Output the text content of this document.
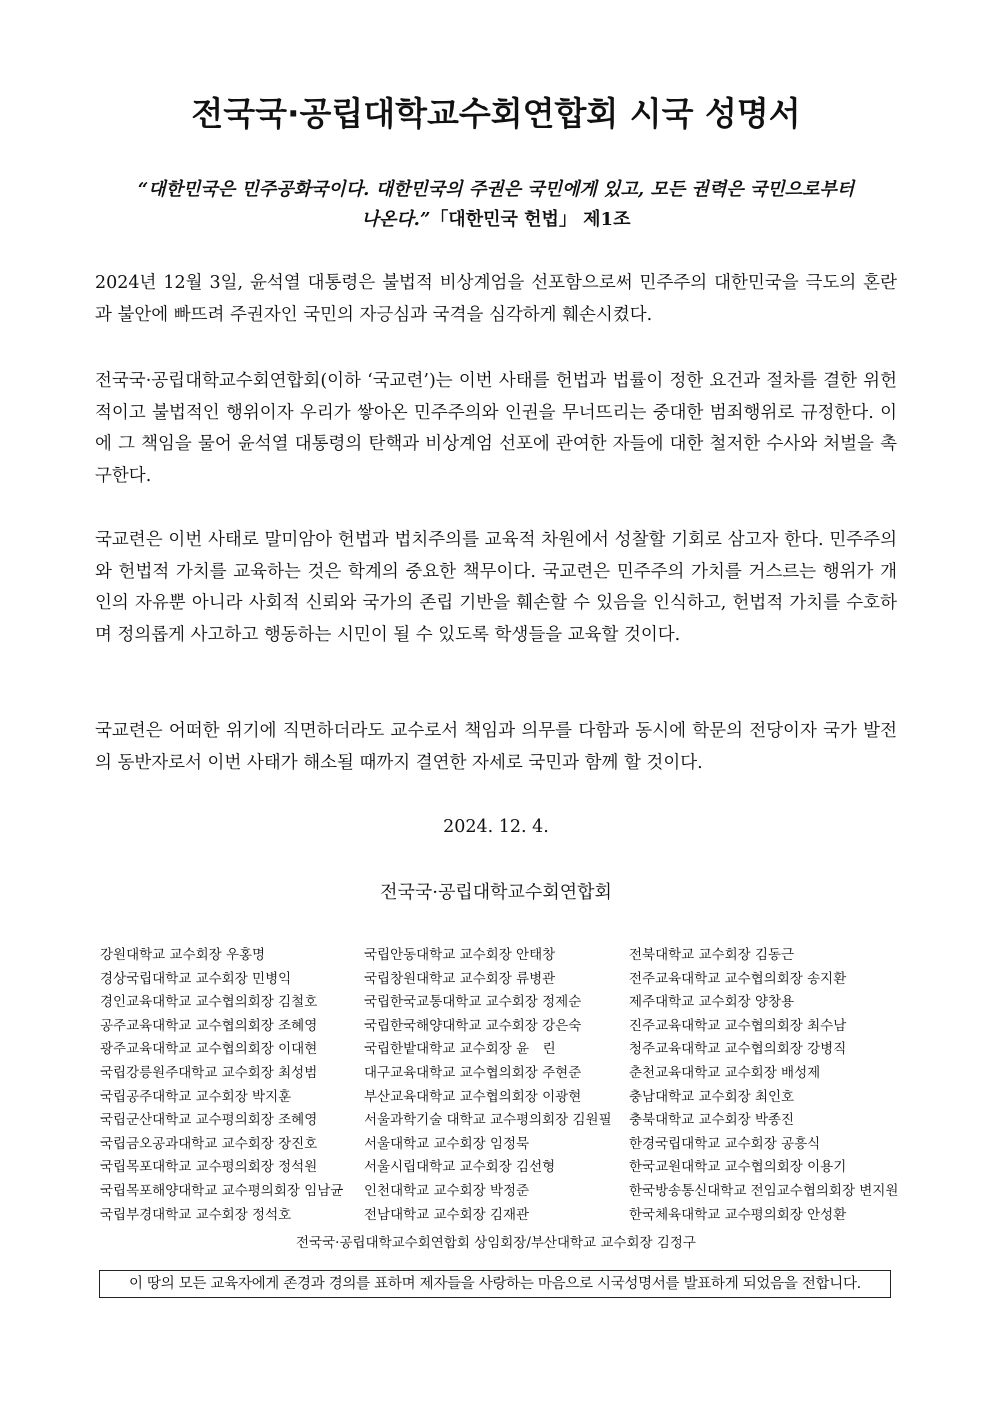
전국국·공립대학교수회연합회 시국 성명서
“대한민국은 민주공화국이다. 대한민국의 주권은 국민에게 있고, 모든 권력은 국민으로부터
나온다.”「대한민국 헌법」 제1조

2024년 12월 3일, 윤석열 대통령은 불법적 비상계엄을 선포함으로써 민주주의 대한민국을 극도의 혼란과 불안에 빠뜨려 주권자인 국민의 자긍심과 국격을 심각하게 훼손시켰다.

전국국·공립대학교수회연합회(이하 ‘국교련’)는 이번 사태를 헌법과 법률이 정한 요건과 절차를 결한 위헌적이고 불법적인 행위이자 우리가 쌓아온 민주주의와 인권을 무너뜨리는 중대한 범죄행위로 규정한다. 이에 그 책임을 물어 윤석열 대통령의 탄핵과 비상계엄 선포에 관여한 자들에 대한 철저한 수사와 처벌을 촉구한다.

국교련은 이번 사태로 말미암아 헌법과 법치주의를 교육적 차원에서 성찰할 기회로 삼고자 한다. 민주주의와 헌법적 가치를 교육하는 것은 학계의 중요한 책무이다. 국교련은 민주주의 가치를 거스르는 행위가 개인의 자유뿐 아니라 사회적 신뢰와 국가의 존립 기반을 훼손할 수 있음을 인식하고, 헌법적 가치를 수호하며 정의롭게 사고하고 행동하는 시민이 될 수 있도록 학생들을 교육할 것이다.

국교련은 어떠한 위기에 직면하더라도 교수로서 책임과 의무를 다함과 동시에 학문의 전당이자 국가 발전의 동반자로서 이번 사태가 해소될 때까지 결연한 자세로 국민과 함께 할 것이다.

2024. 12. 4.
전국국·공립대학교수회연합회
강원대학교 교수회장 우홍명
경상국립대학교 교수회장 민병익
경인교육대학교 교수협의회장 김철호
공주교육대학교 교수협의회장 조혜영
광주교육대학교 교수협의회장 이대현
국립강릉원주대학교 교수회장 최성범
국립공주대학교 교수회장 박지훈
국립군산대학교 교수평의회장 조혜영
국립금오공과대학교 교수회장 장진호
국립목포대학교 교수평의회장 정석원
국립목포해양대학교 교수평의회장 임남균
국립부경대학교 교수회장 정석호
국립안동대학교 교수회장 안태창
국립창원대학교 교수회장 류병관
국립한국교통대학교 교수회장 정제순
국립한국해양대학교 교수회장 강은숙
국립한밭대학교 교수회장 윤　린
대구교육대학교 교수협의회장 주현준
부산교육대학교 교수협의회장 이광현
서울과학기술 대학교 교수평의회장 김원필
서울대학교 교수회장 임정묵
서울시립대학교 교수회장 김선형
인천대학교 교수회장 박정준
전남대학교 교수회장 김재관
전북대학교 교수회장 김동근
전주교육대학교 교수협의회장 송지환
제주대학교 교수회장 양창용
진주교육대학교 교수협의회장 최수남
청주교육대학교 교수협의회장 강병직
춘천교육대학교 교수회장 배성제
충남대학교 교수회장 최인호
충북대학교 교수회장 박종진
한경국립대학교 교수회장 공흥식
한국교원대학교 교수협의회장 이용기
한국방송통신대학교 전임교수협의회장 변지원
한국체육대학교 교수평의회장 안성환
전국국·공립대학교수회연합회 상임회장/부산대학교 교수회장 김정구
이 땅의 모든 교육자에게 존경과 경의를 표하며 제자들을 사랑하는 마음으로 시국성명서를 발표하게 되었음을 전합니다.
